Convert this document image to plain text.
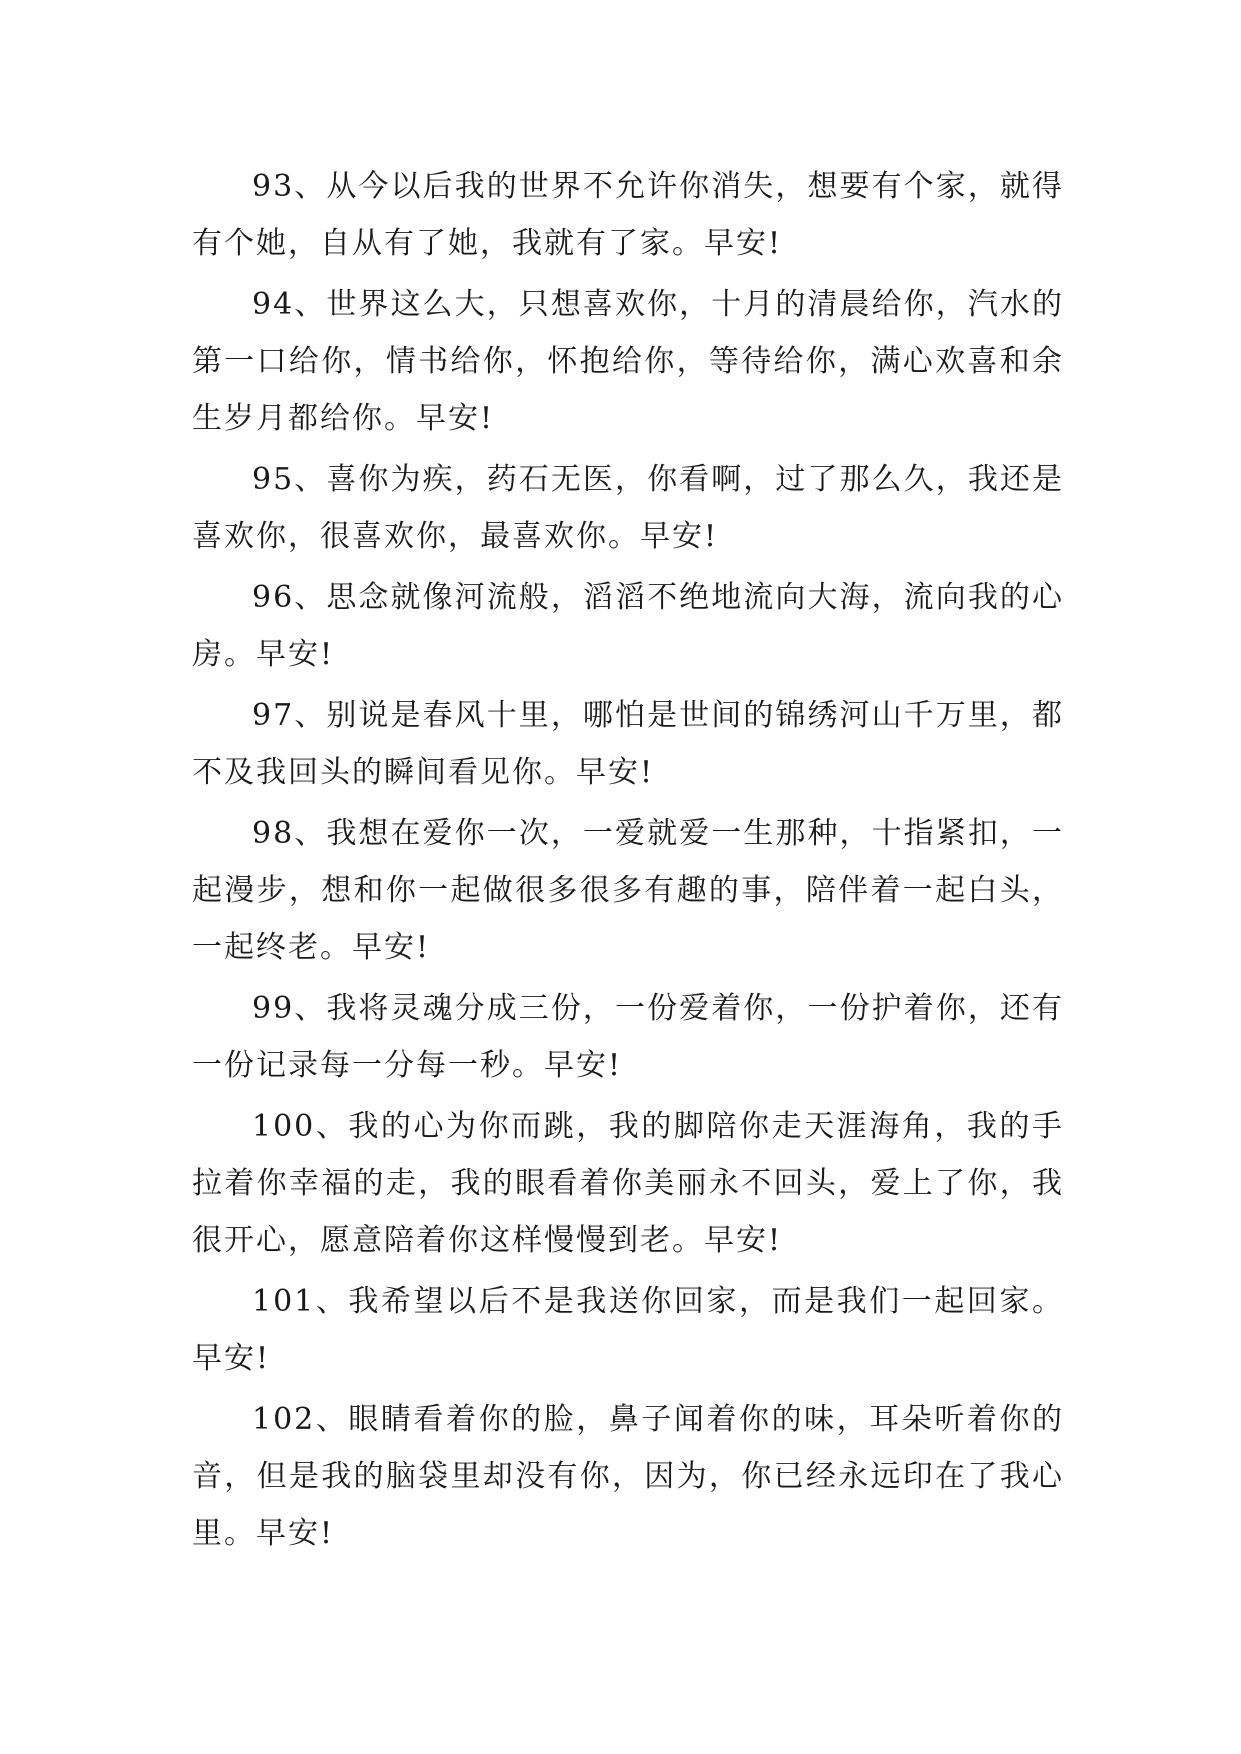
93、从今以后我的世界不允许你消失，想要有个家，就得有个她，自从有了她，我就有了家。早安!

94、世界这么大，只想喜欢你，十月的清晨给你，汽水的第一口给你，情书给你，怀抱给你，等待给你，满心欢喜和余生岁月都给你。早安!

95、喜你为疾，药石无医，你看啊，过了那么久，我还是喜欢你，很喜欢你，最喜欢你。早安!

96、思念就像河流般，滔滔不绝地流向大海，流向我的心房。早安!

97、别说是春风十里，哪怕是世间的锦绣河山千万里，都不及我回头的瞬间看见你。早安!

98、我想在爱你一次，一爱就爱一生那种，十指紧扣，一起漫步，想和你一起做很多很多有趣的事，陪伴着一起白头，一起终老。早安!

99、我将灵魂分成三份，一份爱着你，一份护着你，还有一份记录每一分每一秒。早安!

100、我的心为你而跳，我的脚陪你走天涯海角，我的手拉着你幸福的走，我的眼看着你美丽永不回头，爱上了你，我很开心，愿意陪着你这样慢慢到老。早安!

101、我希望以后不是我送你回家，而是我们一起回家。早安!

102、眼睛看着你的脸，鼻子闻着你的味，耳朵听着你的音，但是我的脑袋里却没有你，因为，你已经永远印在了我心里。早安!
